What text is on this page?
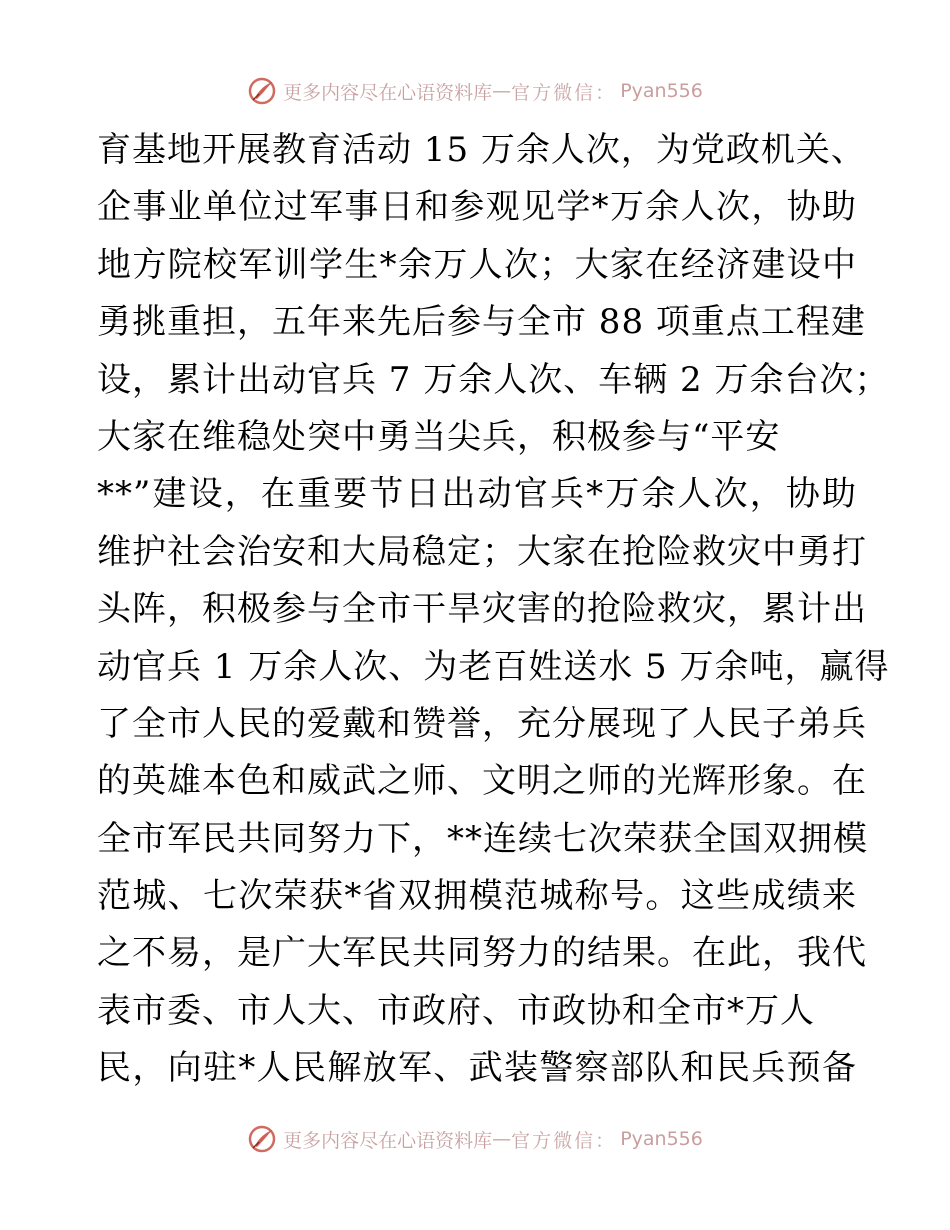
更多内容尽在心语资料库 — 官方微信： Pyan556
育基地开展教育活动 15 万余人次，为党政机关、
企事业单位过军事日和参观见学*万余人次，协助
地方院校军训学生*余万人次；大家在经济建设中
勇挑重担，五年来先后参与全市 88 项重点工程建
设，累计出动官兵 7 万余人次、车辆 2 万余台次；
大家在维稳处突中勇当尖兵，积极参与“平安
**”建设，在重要节日出动官兵*万余人次，协助
维护社会治安和大局稳定；大家在抢险救灾中勇打
头阵，积极参与全市干旱灾害的抢险救灾，累计出
动官兵 1 万余人次、为老百姓送水 5 万余吨，赢得
了全市人民的爱戴和赞誉，充分展现了人民子弟兵
的英雄本色和威武之师、文明之师的光辉形象。在
全市军民共同努力下，**连续七次荣获全国双拥模
范城、七次荣获*省双拥模范城称号。这些成绩来
之不易，是广大军民共同努力的结果。在此，我代
表市委、市人大、市政府、市政协和全市*万人
民，向驻*人民解放军、武装警察部队和民兵预备
更多内容尽在心语资料库 — 官方微信： Pyan556
